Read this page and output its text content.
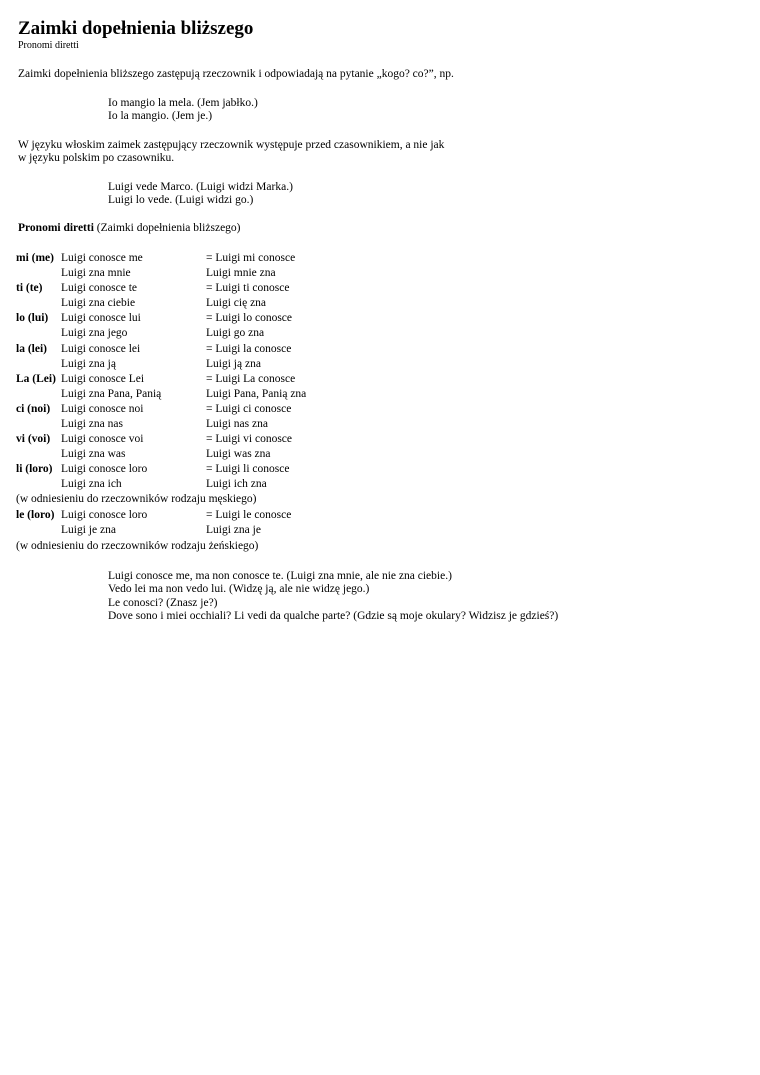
Zaimki dopełnienia bliższego
Pronomi diretti
Zaimki dopełnienia bliższego zastępują rzeczownik i odpowiadają na pytanie „kogo? co?”, np.
Io mangio la mela. (Jem jabłko.)
Io la mangio. (Jem je.)
W języku włoskim zaimek zastępujący rzeczownik występuje przed czasownikiem, a nie jak
w języku polskim po czasowniku.
Luigi vede Marco. (Luigi widzi Marka.)
Luigi lo vede. (Luigi widzi go.)
Pronomi diretti (Zaimki dopełnienia bliższego)
mi (me) Luigi conosce me	= Luigi mi conosce
Luigi zna mnie	Luigi mnie zna
ti (te) Luigi conosce te	= Luigi ti conosce
Luigi zna ciebie	Luigi cię zna
lo (lui) Luigi conosce lui	= Luigi lo conosce
Luigi zna jego	Luigi go zna
la (lei) Luigi conosce lei	= Luigi la conosce
Luigi zna ją	Luigi ją zna
La (Lei) Luigi conosce Lei	= Luigi La conosce
Luigi zna Pana, Panią	Luigi Pana, Panią zna
ci (noi) Luigi conosce noi	= Luigi ci conosce
Luigi zna nas	Luigi nas zna
vi (voi) Luigi conosce voi	= Luigi vi conosce
Luigi zna was	Luigi was zna
li (loro) Luigi conosce loro	= Luigi li conosce
Luigi zna ich	Luigi ich zna
(w odniesieniu do rzeczowników rodzaju męskiego)
le (loro) Luigi conosce loro	= Luigi le conosce
Luigi je zna	Luigi zna je
(w odniesieniu do rzeczowników rodzaju żeńskiego)
Luigi conosce me, ma non conosce te. (Luigi zna mnie, ale nie zna ciebie.)
Vedo lei ma non vedo lui. (Widzę ją, ale nie widzę jego.)
Le conosci? (Znasz je?)
Dove sono i miei occhiali? Li vedi da qualche parte? (Gdzie są moje okulary? Widzisz je gdzieś?)
